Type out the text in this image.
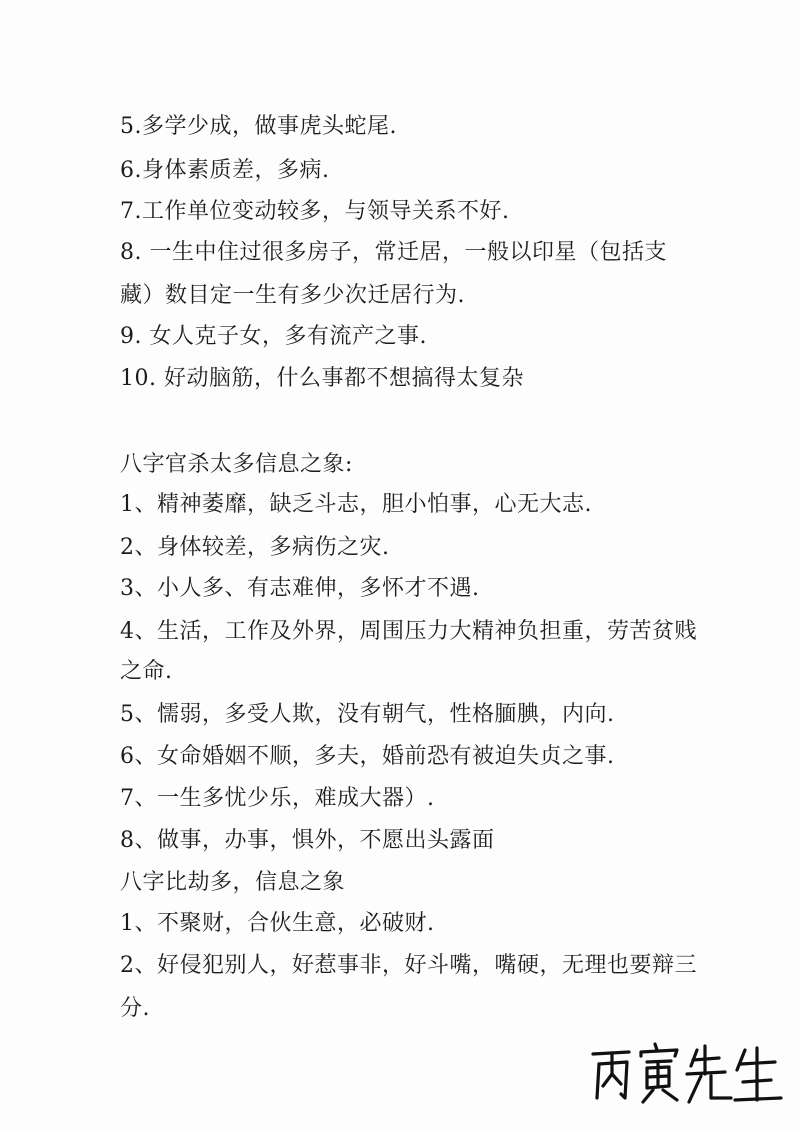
5.多学少成，做事虎头蛇尾.
6.身体素质差，多病.
7.工作单位变动较多，与领导关系不好.
8. 一生中住过很多房子，常迁居，一般以印星（包括支
藏）数目定一生有多少次迁居行为.
9. 女人克子女，多有流产之事.
10. 好动脑筋，什么事都不想搞得太复杂
八字官杀太多信息之象:
1、精神萎靡，缺乏斗志，胆小怕事，心无大志.
2、身体较差，多病伤之灾.
3、小人多、有志难伸，多怀才不遇.
4、生活，工作及外界，周围压力大精神负担重，劳苦贫贱
之命.
5、懦弱，多受人欺，没有朝气，性格腼腆，内向.
6、女命婚姻不顺，多夫，婚前恐有被迫失贞之事.
7、一生多忧少乐，难成大器）.
8、做事，办事，惧外，不愿出头露面
八字比劫多，信息之象
1、不聚财，合伙生意，必破财.
2、好侵犯别人，好惹事非，好斗嘴，嘴硬，无理也要辩三
分.
